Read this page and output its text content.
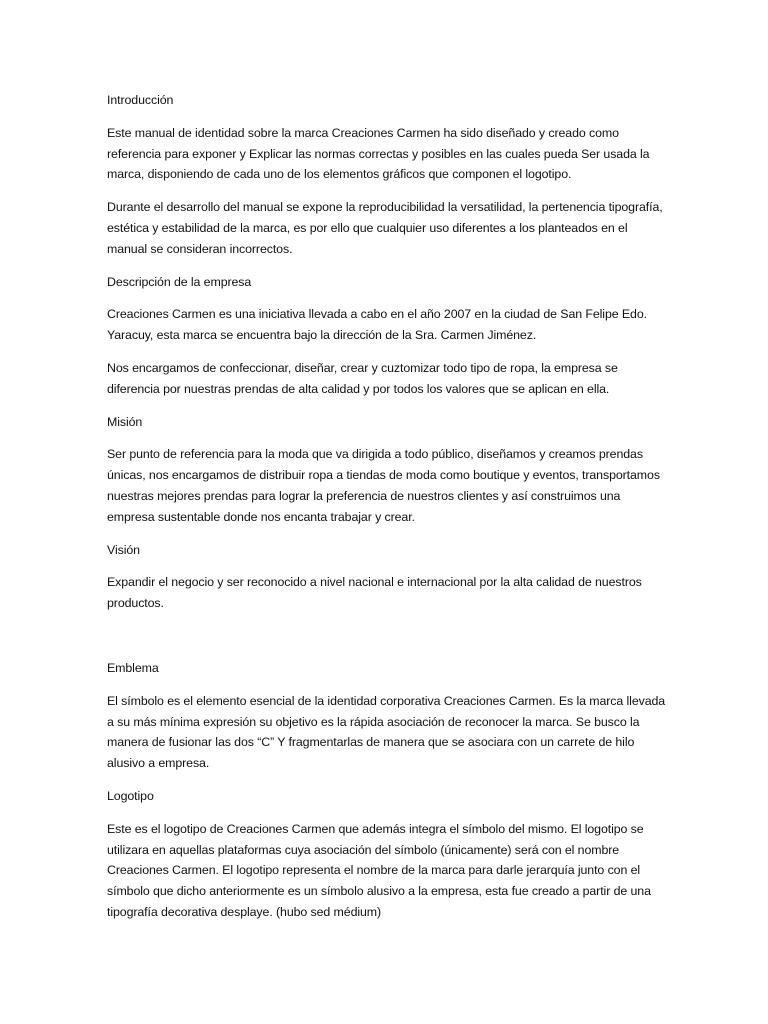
Introducción

Este manual de identidad sobre la marca Creaciones Carmen ha sido diseñado y creado como referencia para exponer y Explicar las normas correctas y posibles en las cuales pueda Ser usada la marca, disponiendo de cada uno de los elementos gráficos que componen el logotipo.

Durante el desarrollo del manual se expone la reproducibilidad la versatilidad, la pertenencia tipografía, estética y estabilidad de la marca, es por ello que cualquier uso diferentes a los planteados en el manual se consideran incorrectos.

Descripción de la empresa

Creaciones Carmen es una iniciativa llevada a cabo en el año 2007 en la ciudad de San Felipe Edo. Yaracuy, esta marca se encuentra bajo la dirección de la Sra. Carmen Jiménez.

Nos encargamos de confeccionar, diseñar, crear y cuztomizar todo tipo de ropa, la empresa se diferencia por nuestras prendas de alta calidad y por todos los valores que se aplican en ella.

Misión

Ser punto de referencia para la moda que va dirigida a todo público, diseñamos y creamos prendas únicas, nos encargamos de distribuir ropa a tiendas de moda como boutique y eventos, transportamos nuestras mejores prendas para lograr la preferencia de nuestros clientes y así construimos una empresa sustentable donde nos encanta trabajar y crear.

Visión

Expandir el negocio y ser reconocido a nivel nacional e internacional por la alta calidad de nuestros productos.

Emblema

El símbolo es el elemento esencial de la identidad corporativa Creaciones Carmen. Es la marca llevada a su más mínima expresión su objetivo es la rápida asociación de reconocer la marca. Se busco la manera de fusionar las dos “C” Y fragmentarlas de manera que se asociara con un carrete de hilo alusivo a empresa.

Logotipo

Este es el logotipo de Creaciones Carmen que además integra el símbolo del mismo. El logotipo se utilizara en aquellas plataformas cuya asociación del símbolo (únicamente) será con el nombre Creaciones Carmen. El logotipo representa el nombre de la marca para darle jerarquía junto con el símbolo que dicho anteriormente es un símbolo alusivo a la empresa, esta fue creado a partir de una tipografía decorativa desplaye. (hubo sed médium)
